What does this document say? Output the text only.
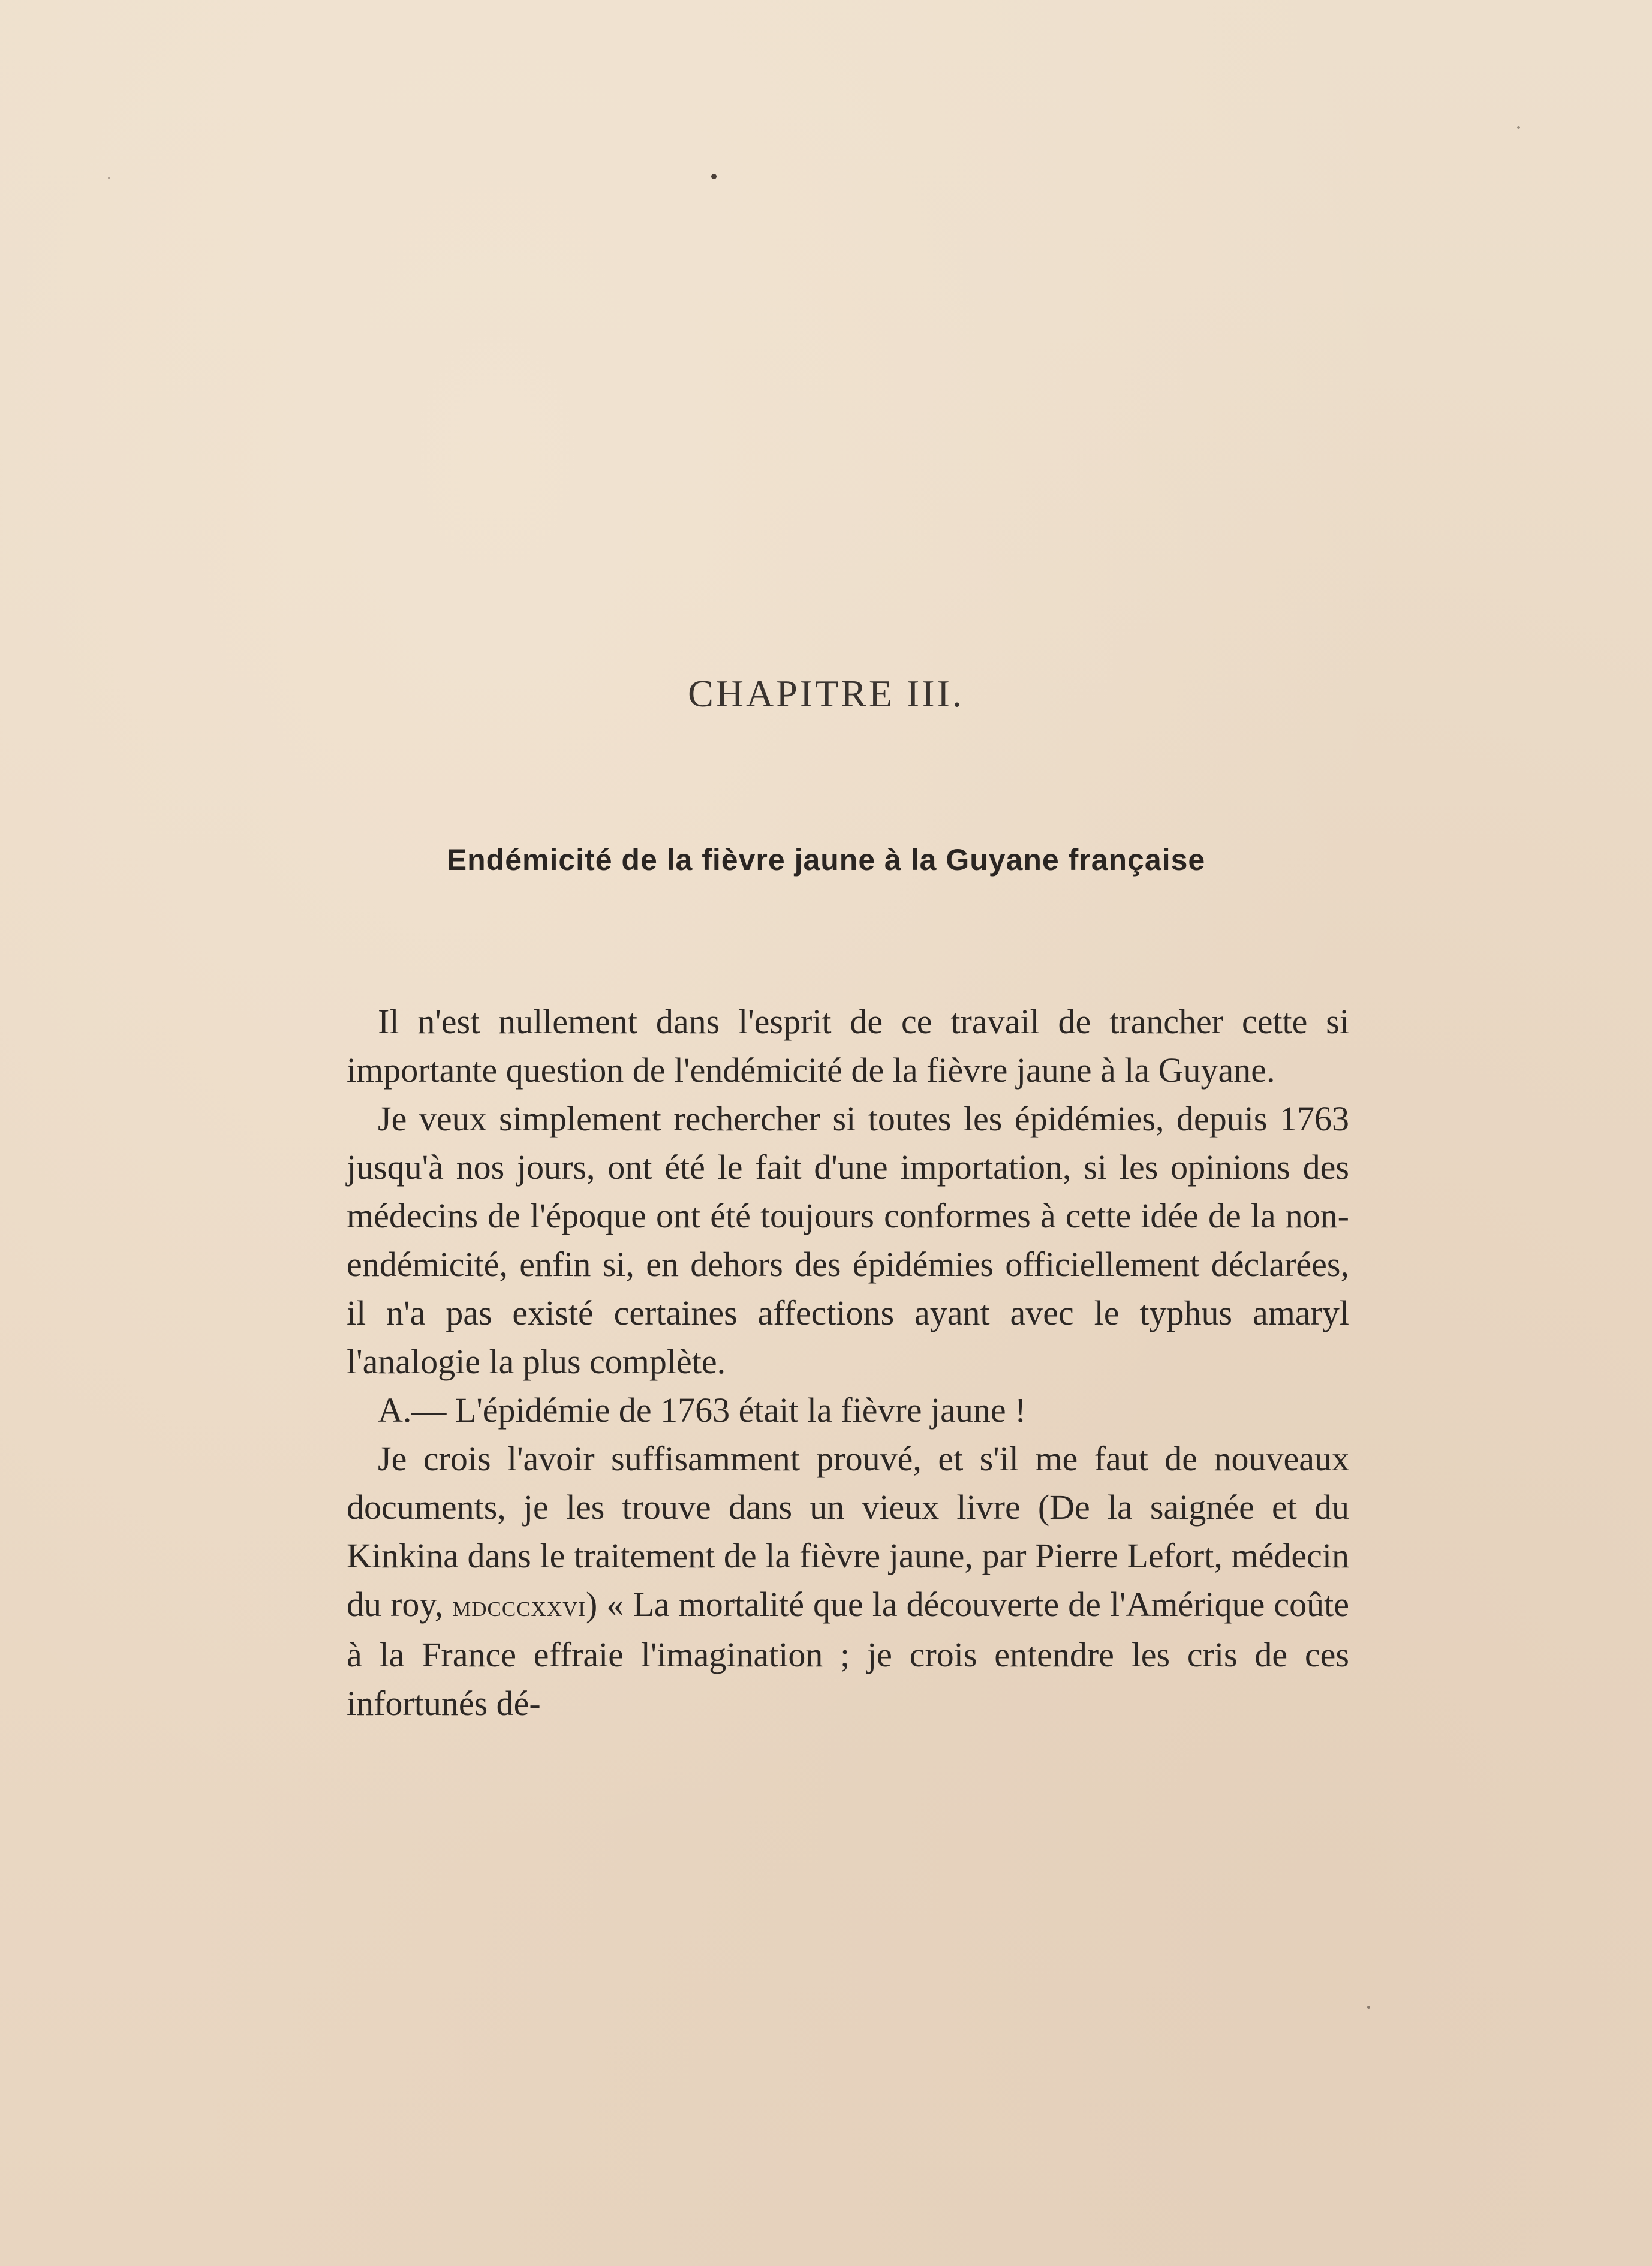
CHAPITRE III.
Endémicité de la fièvre jaune à la Guyane française

Il n'est nullement dans l'esprit de ce travail de trancher cette si importante question de l'endémicité de la fièvre jaune à la Guyane.

Je veux simplement rechercher si toutes les épidémies, depuis 1763 jusqu'à nos jours, ont été le fait d'une importation, si les opinions des médecins de l'époque ont été toujours conformes à cette idée de la non-endémicité, enfin si, en dehors des épidémies officiellement déclarées, il n'a pas existé certaines affections ayant avec le typhus amaryl l'analogie la plus complète.

A.— L'épidémie de 1763 était la fièvre jaune !

Je crois l'avoir suffisamment prouvé, et s'il me faut de nouveaux documents, je les trouve dans un vieux livre (De la saignée et du Kinkina dans le traitement de la fièvre jaune, par Pierre Lefort, médecin du roy, mdcccxxvi) « La mortalité que la découverte de l'Amérique coûte à la France effraie l'imagination ; je crois entendre les cris de ces infortunés dé-
